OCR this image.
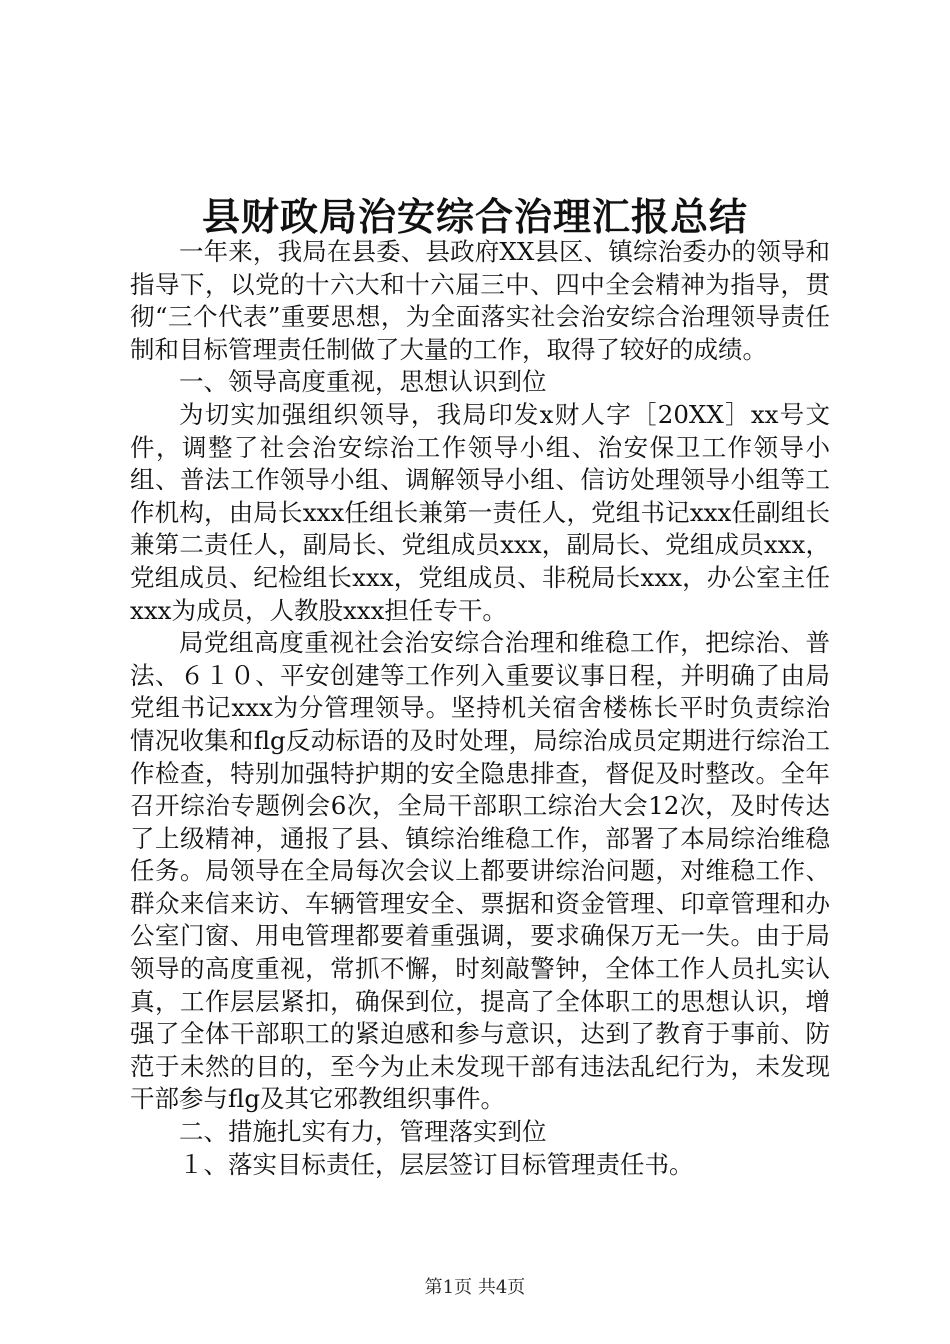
县财政局治安综合治理汇报总结

一年来，我局在县委、县政府XX县区、镇综治委办的领导和指导下，以党的十六大和十六届三中、四中全会精神为指导，贯彻“三个代表”重要思想，为全面落实社会治安综合治理领导责任制和目标管理责任制做了大量的工作，取得了较好的成绩。

一、领导高度重视，思想认识到位

为切实加强组织领导，我局印发x财人字［20XX］xx号文件，调整了社会治安综治工作领导小组、治安保卫工作领导小组、普法工作领导小组、调解领导小组、信访处理领导小组等工作机构，由局长xxx任组长兼第一责任人，党组书记xxx任副组长兼第二责任人，副局长、党组成员xxx，副局长、党组成员xxx，党组成员、纪检组长xxx，党组成员、非税局长xxx，办公室主任xxx为成员，人教股xxx担任专干。

局党组高度重视社会治安综合治理和维稳工作，把综治、普法、６１０、平安创建等工作列入重要议事日程，并明确了由局党组书记xxx为分管理领导。坚持机关宿舍楼栋长平时负责综治情况收集和flg反动标语的及时处理，局综治成员定期进行综治工作检查，特别加强特护期的安全隐患排查，督促及时整改。全年召开综治专题例会6次，全局干部职工综治大会12次，及时传达了上级精神，通报了县、镇综治维稳工作，部署了本局综治维稳任务。局领导在全局每次会议上都要讲综治问题，对维稳工作、群众来信来访、车辆管理安全、票据和资金管理、印章管理和办公室门窗、用电管理都要着重强调，要求确保万无一失。由于局领导的高度重视，常抓不懈，时刻敲警钟，全体工作人员扎实认真，工作层层紧扣，确保到位，提高了全体职工的思想认识，增强了全体干部职工的紧迫感和参与意识，达到了教育于事前、防范于未然的目的，至今为止未发现干部有违法乱纪行为，未发现干部参与flg及其它邪教组织事件。

二、措施扎实有力，管理落实到位

１、落实目标责任，层层签订目标管理责任书。

第1页 共4页
